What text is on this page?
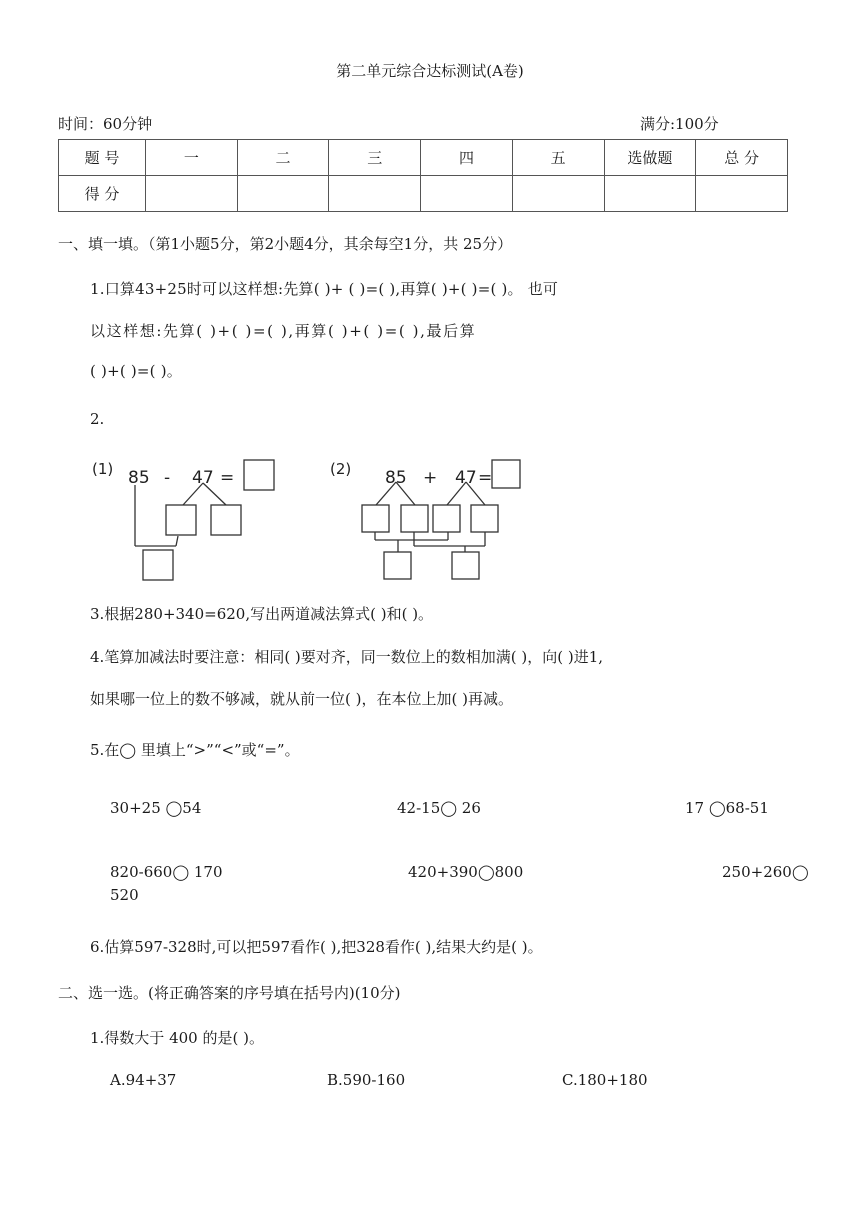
第二单元综合达标测试(A卷)
时间：60分钟	满分:100分
题 号	一	二	三	四	五	选做题	总 分
得 分							
一、填一填。（第1小题5分，第2小题4分，其余每空1分，共 25分）
1.口算43+25时可以这样想:先算( )+ ( )=( ),再算( )+( )=( )。 也可
以这样想:先算( )+( )=( ),再算( )+( )=( ),最后算
( )+( )=( )。
2.
(1) 85 - 47 =	(2) 85 + 47 =
3.根据280+340=620,写出两道减法算式( )和( )。
4.笔算加减法时要注意：相同( )要对齐，同一数位上的数相加满( )，向( )进1,
如果哪一位上的数不够减，就从前一位( )，在本位上加( )再减。
5.在◯ 里填上“>”“<”或“=”。
30+25 ◯54	42-15◯ 26	17 ◯68-51
820-660◯ 170	420+390◯800	250+260◯
520
6.估算597-328时,可以把597看作( ),把328看作( ),结果大约是( )。
二、选一选。(将正确答案的序号填在括号内)(10分)
1.得数大于 400 的是( )。
A.94+37	B.590-160	C.180+180
